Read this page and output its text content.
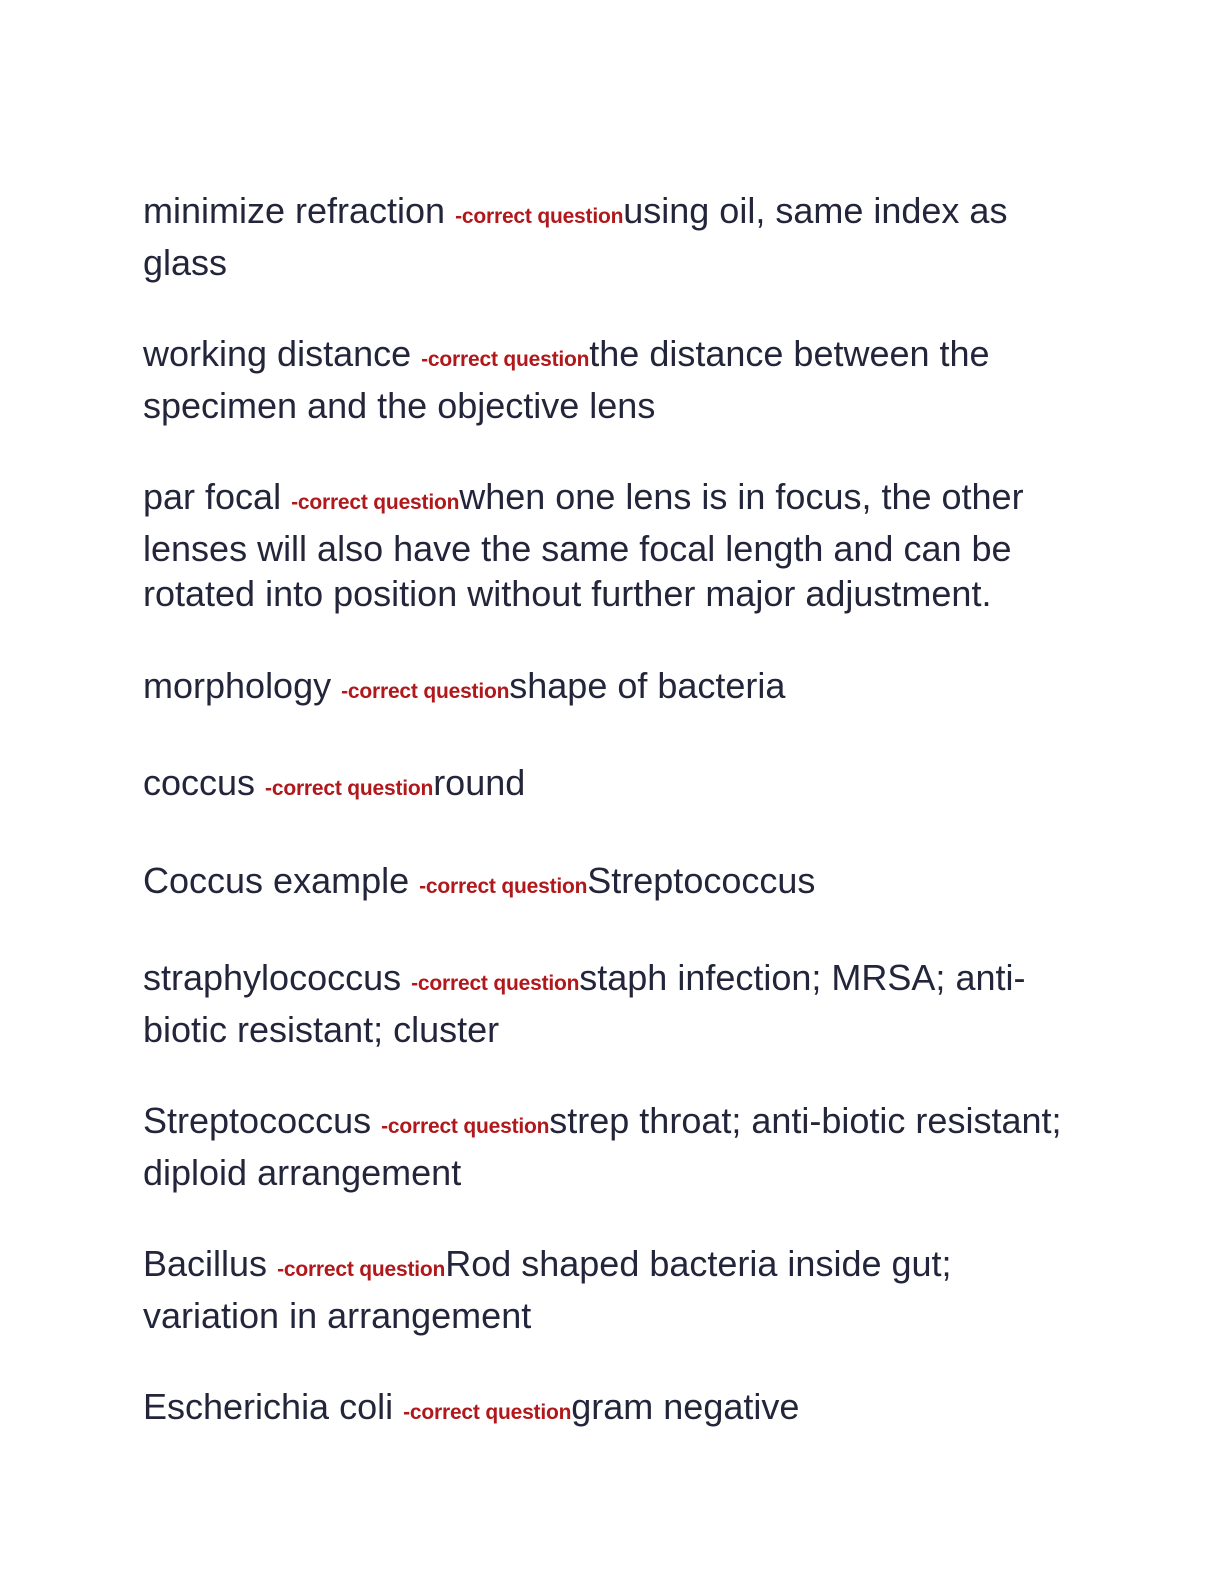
minimize refraction -correct questionusing oil, same index as glass

working distance -correct questionthe distance between the specimen and the objective lens

par focal -correct questionwhen one lens is in focus, the other lenses will also have the same focal length and can be rotated into position without further major adjustment.

morphology -correct questionshape of bacteria

coccus -correct questionround

Coccus example -correct questionStreptococcus

straphylococcus -correct questionstaph infection; MRSA; anti-biotic resistant; cluster

Streptococcus -correct questionstrep throat; anti-biotic resistant; diploid arrangement

Bacillus -correct questionRod shaped bacteria inside gut; variation in arrangement

Escherichia coli -correct questiongram negative
